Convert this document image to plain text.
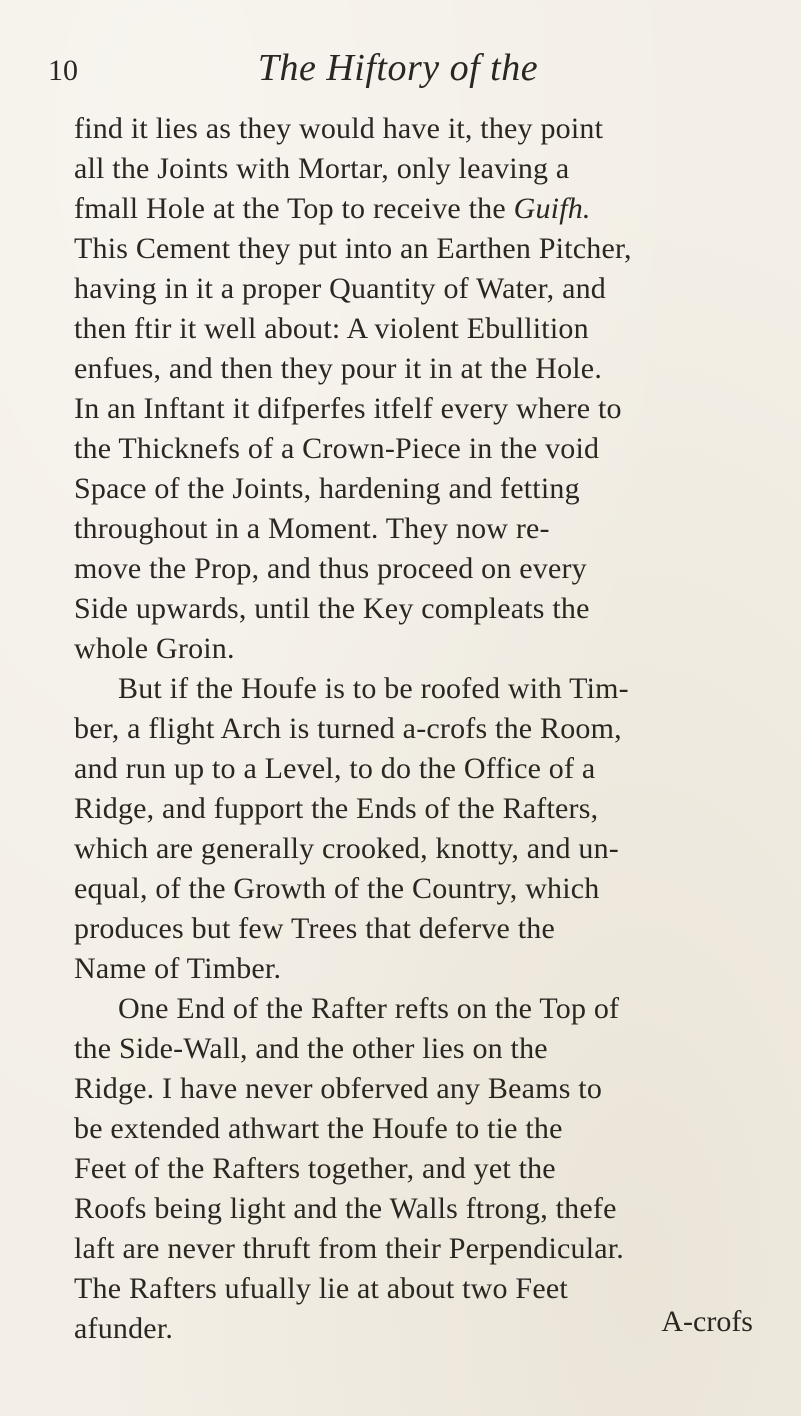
10	The Hiftory of the
find it lies as they would have it, they point
all the Joints with Mortar, only leaving a
fmall Hole at the Top to receive the Guifh.
This Cement they put into an Earthen Pitcher,
having in it a proper Quantity of Water, and
then ftir it well about: A violent Ebullition
enfues, and then they pour it in at the Hole.
In an Inftant it difperfes itfelf every where to
the Thicknefs of a Crown-Piece in the void
Space of the Joints, hardening and fetting
throughout in a Moment. They now re-
move the Prop, and thus proceed on every
Side upwards, until the Key compleats the
whole Groin.
But if the Houfe is to be roofed with Tim-
ber, a flight Arch is turned a-crofs the Room,
and run up to a Level, to do the Office of a
Ridge, and fupport the Ends of the Rafters,
which are generally crooked, knotty, and un-
equal, of the Growth of the Country, which
produces but few Trees that deferve the
Name of Timber.
One End of the Rafter refts on the Top of
the Side-Wall, and the other lies on the
Ridge. I have never obferved any Beams to
be extended athwart the Houfe to tie the
Feet of the Rafters together, and yet the
Roofs being light and the Walls ftrong, thefe
laft are never thruft from their Perpendicular.
The Rafters ufually lie at about two Feet
afunder.	A-crofs
